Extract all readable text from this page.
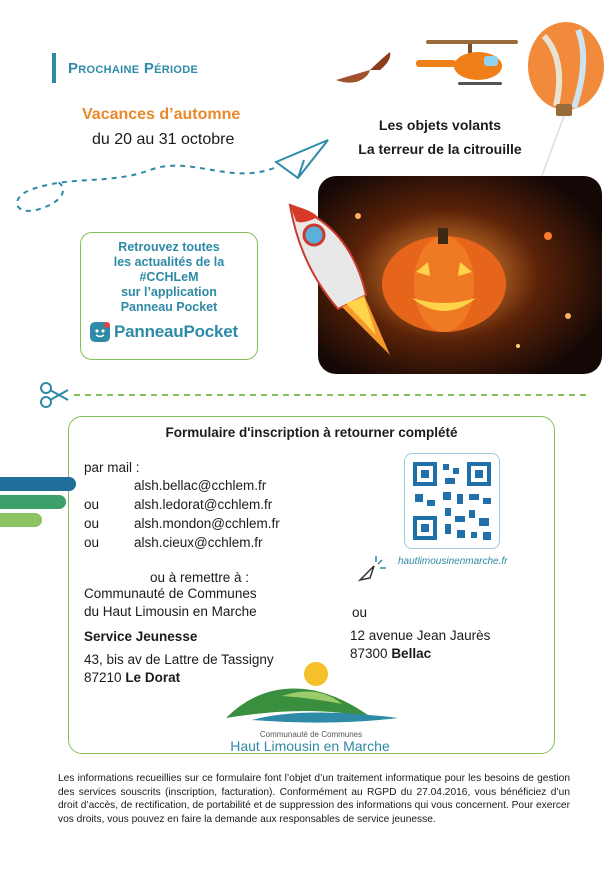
Prochaine Période
Vacances d’automne
du 20 au 31 octobre
Les objets volants
La terreur de la citrouille
Retrouvez toutes
les actualités de la
#CCHLeM
sur l’application
Panneau Pocket
PanneauPocket
Formulaire d'inscription à retourner complété
par mail :
alsh.bellac@cchlem.fr
ou	alsh.ledorat@cchlem.fr
ou	alsh.mondon@cchlem.fr
ou	alsh.cieux@cchlem.fr
hautlimousinenmarche.fr
ou à remettre à :
Communauté de Communes
du Haut Limousin en Marche
Service Jeunesse
43, bis av de Lattre de Tassigny
87210 Le Dorat
ou
12 avenue Jean Jaurès
87300 Bellac
Communauté de Communes
Haut Limousin en Marche
Les informations recueillies sur ce formulaire font l’objet d’un traitement informatique pour les besoins de gestion des services souscrits (inscription, facturation). Conformément au RGPD du 27.04.2016, vous bénéficiez d’un droit d’accès, de rectification, de portabilité et de suppression des informations qui vous concernent. Pour exercer vos droits, vous pouvez en faire la demande aux responsables de service jeunesse.
